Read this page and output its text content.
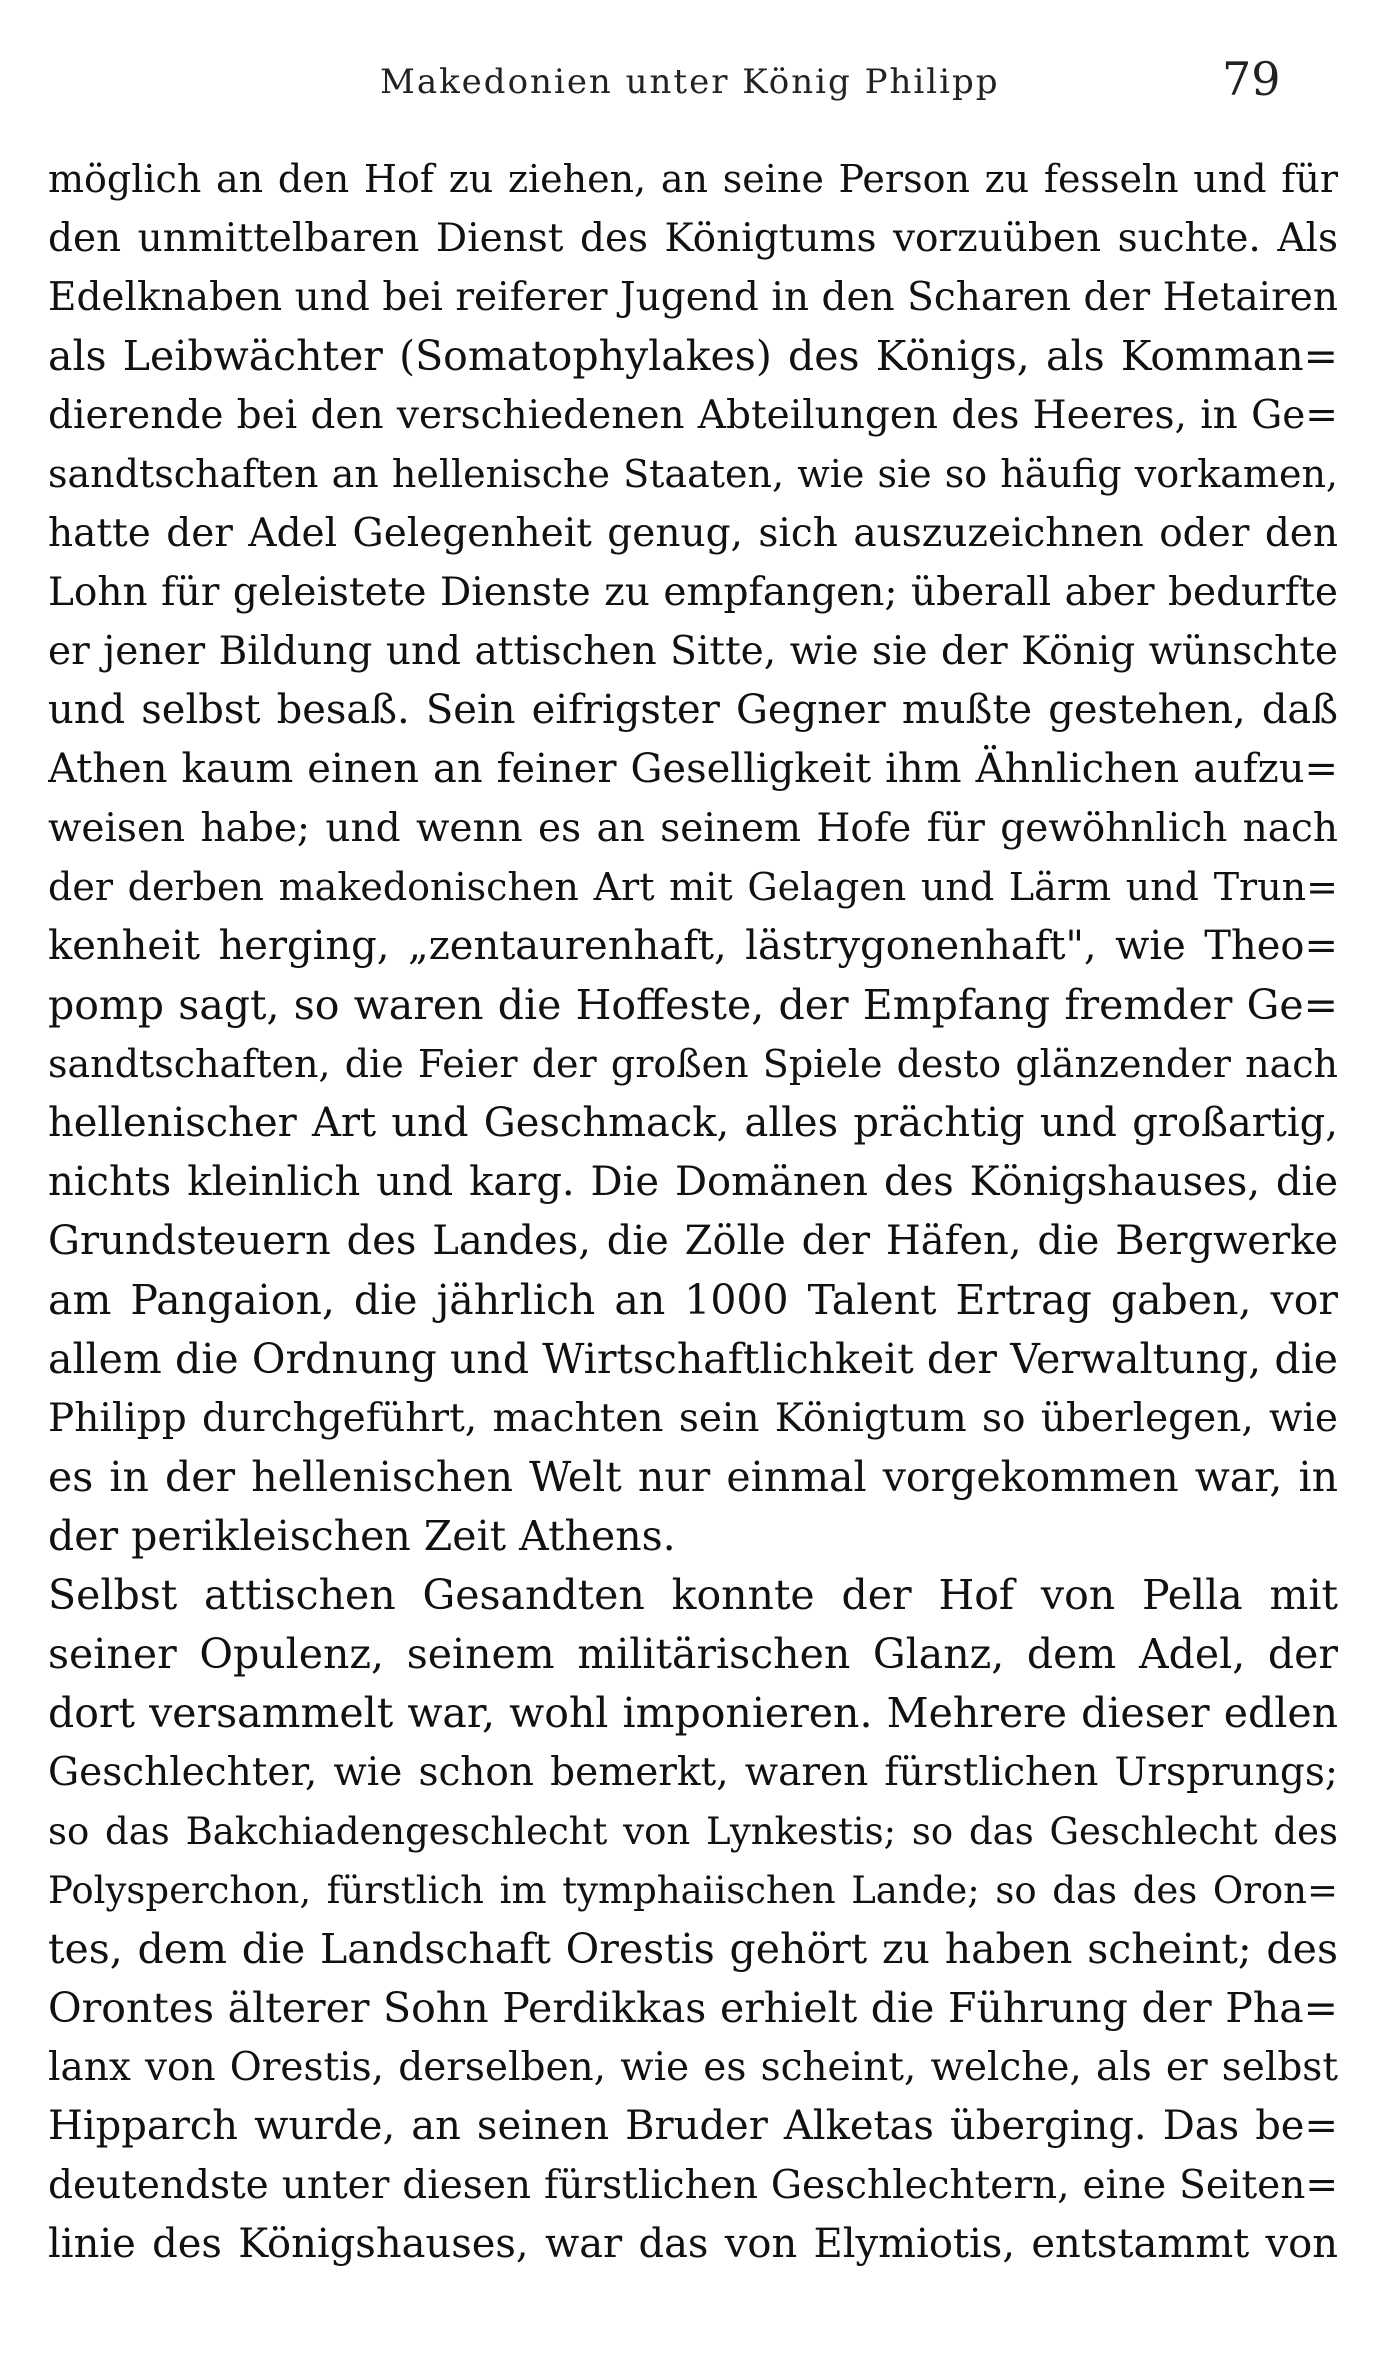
Makedonien unter König Philipp	79
möglich an den Hof zu ziehen, an seine Person zu fesseln und für
den unmittelbaren Dienst des Königtums vorzuüben suchte. Als
Edelknaben und bei reiferer Jugend in den Scharen der Hetairen
als Leibwächter (Somatophylakes) des Königs, als Komman=
dierende bei den verschiedenen Abteilungen des Heeres, in Ge=
sandtschaften an hellenische Staaten, wie sie so häufig vorkamen,
hatte der Adel Gelegenheit genug, sich auszuzeichnen oder den
Lohn für geleistete Dienste zu empfangen; überall aber bedurfte
er jener Bildung und attischen Sitte, wie sie der König wünschte
und selbst besaß. Sein eifrigster Gegner mußte gestehen, daß
Athen kaum einen an feiner Geselligkeit ihm Ähnlichen aufzu=
weisen habe; und wenn es an seinem Hofe für gewöhnlich nach
der derben makedonischen Art mit Gelagen und Lärm und Trun=
kenheit herging, „zentaurenhaft, lästrygonenhaft", wie Theo=
pomp sagt, so waren die Hoffeste, der Empfang fremder Ge=
sandtschaften, die Feier der großen Spiele desto glänzender nach
hellenischer Art und Geschmack, alles prächtig und großartig,
nichts kleinlich und karg. Die Domänen des Königshauses, die
Grundsteuern des Landes, die Zölle der Häfen, die Bergwerke
am Pangaion, die jährlich an 1000 Talent Ertrag gaben, vor
allem die Ordnung und Wirtschaftlichkeit der Verwaltung, die
Philipp durchgeführt, machten sein Königtum so überlegen, wie
es in der hellenischen Welt nur einmal vorgekommen war, in
der perikleischen Zeit Athens.
Selbst attischen Gesandten konnte der Hof von Pella mit
seiner Opulenz, seinem militärischen Glanz, dem Adel, der
dort versammelt war, wohl imponieren. Mehrere dieser edlen
Geschlechter, wie schon bemerkt, waren fürstlichen Ursprungs;
so das Bakchiadengeschlecht von Lynkestis; so das Geschlecht des
Polysperchon, fürstlich im tymphaiischen Lande; so das des Oron=
tes, dem die Landschaft Orestis gehört zu haben scheint; des
Orontes älterer Sohn Perdikkas erhielt die Führung der Pha=
lanx von Orestis, derselben, wie es scheint, welche, als er selbst
Hipparch wurde, an seinen Bruder Alketas überging. Das be=
deutendste unter diesen fürstlichen Geschlechtern, eine Seiten=
linie des Königshauses, war das von Elymiotis, entstammt von
